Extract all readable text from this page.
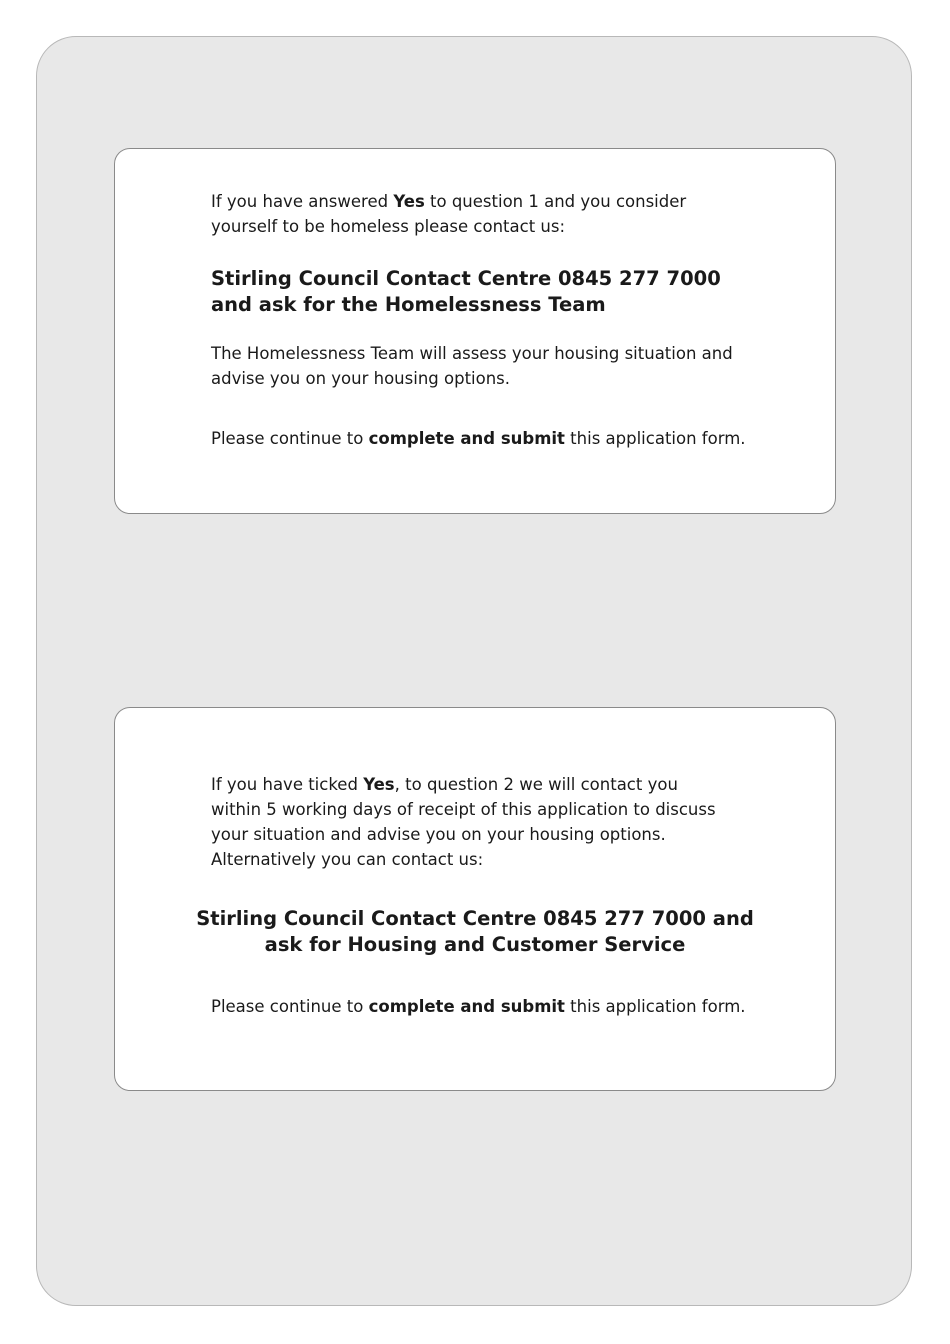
If you have answered Yes to question 1 and you consider yourself to be homeless please contact us:

Stirling Council Contact Centre 0845 277 7000 and ask for the Homelessness Team

The Homelessness Team will assess your housing situation and advise you on your housing options.

Please continue to complete and submit this application form.

If you have ticked Yes, to question 2 we will contact you within 5 working days of receipt of this application to discuss your situation and advise you on your housing options. Alternatively you can contact us:

Stirling Council Contact Centre 0845 277 7000 and ask for Housing and Customer Service

Please continue to complete and submit this application form.
